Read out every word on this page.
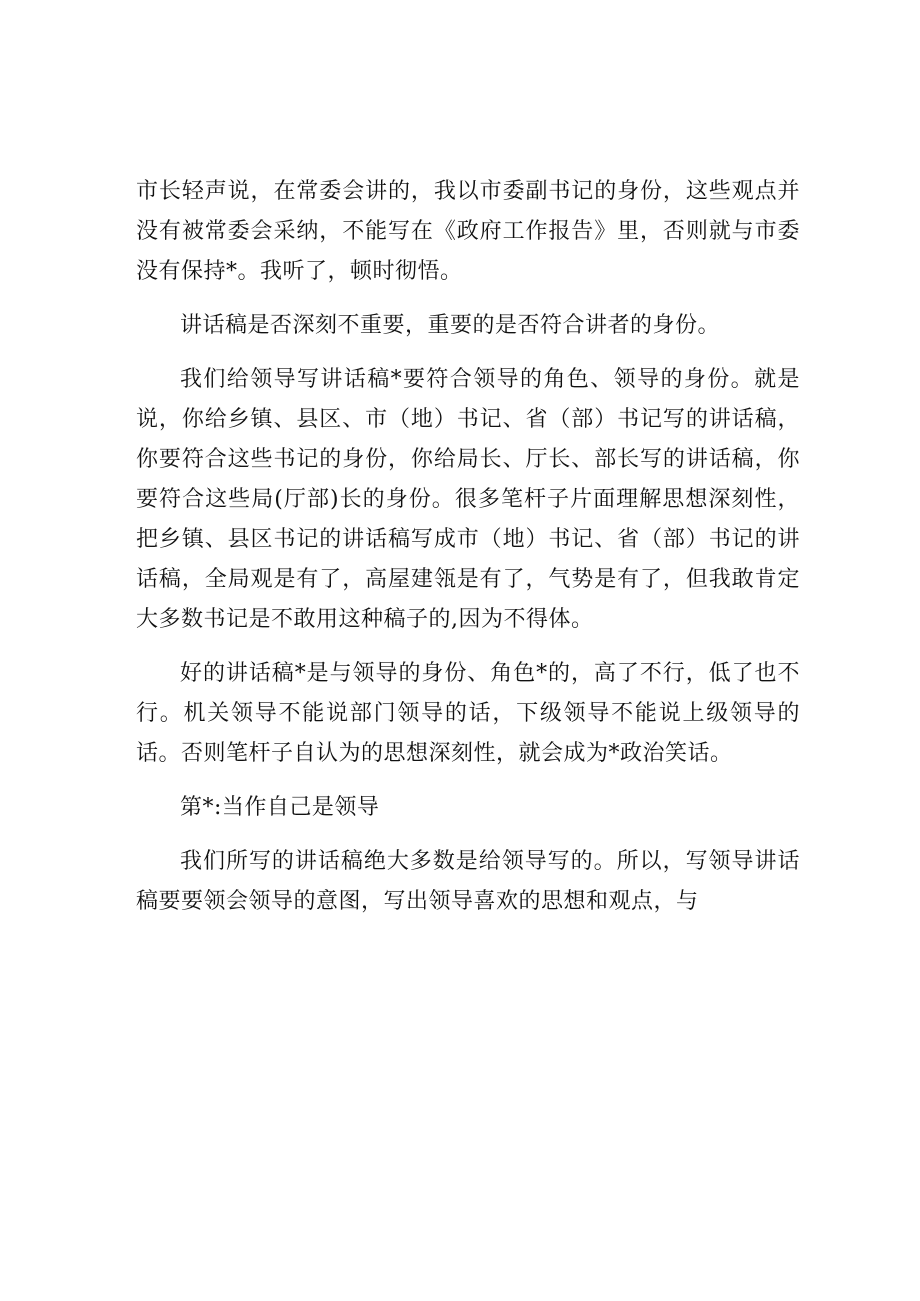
市长轻声说，在常委会讲的，我以市委副书记的身份，这些观点并没有被常委会采纳，不能写在《政府工作报告》里，否则就与市委没有保持*。我听了，顿时彻悟。

讲话稿是否深刻不重要，重要的是否符合讲者的身份。

我们给领导写讲话稿*要符合领导的角色、领导的身份。就是说，你给乡镇、县区、市（地）书记、省（部）书记写的讲话稿，你要符合这些书记的身份，你给局长、厅长、部长写的讲话稿，你要符合这些局(厅部)长的身份。很多笔杆子片面理解思想深刻性，把乡镇、县区书记的讲话稿写成市（地）书记、省（部）书记的讲话稿，全局观是有了，高屋建瓴是有了，气势是有了，但我敢肯定大多数书记是不敢用这种稿子的,因为不得体。

好的讲话稿*是与领导的身份、角色*的，高了不行，低了也不行。机关领导不能说部门领导的话，下级领导不能说上级领导的话。否则笔杆子自认为的思想深刻性，就会成为*政治笑话。

第*:当作自己是领导

我们所写的讲话稿绝大多数是给领导写的。所以，写领导讲话稿要要领会领导的意图，写出领导喜欢的思想和观点，与
